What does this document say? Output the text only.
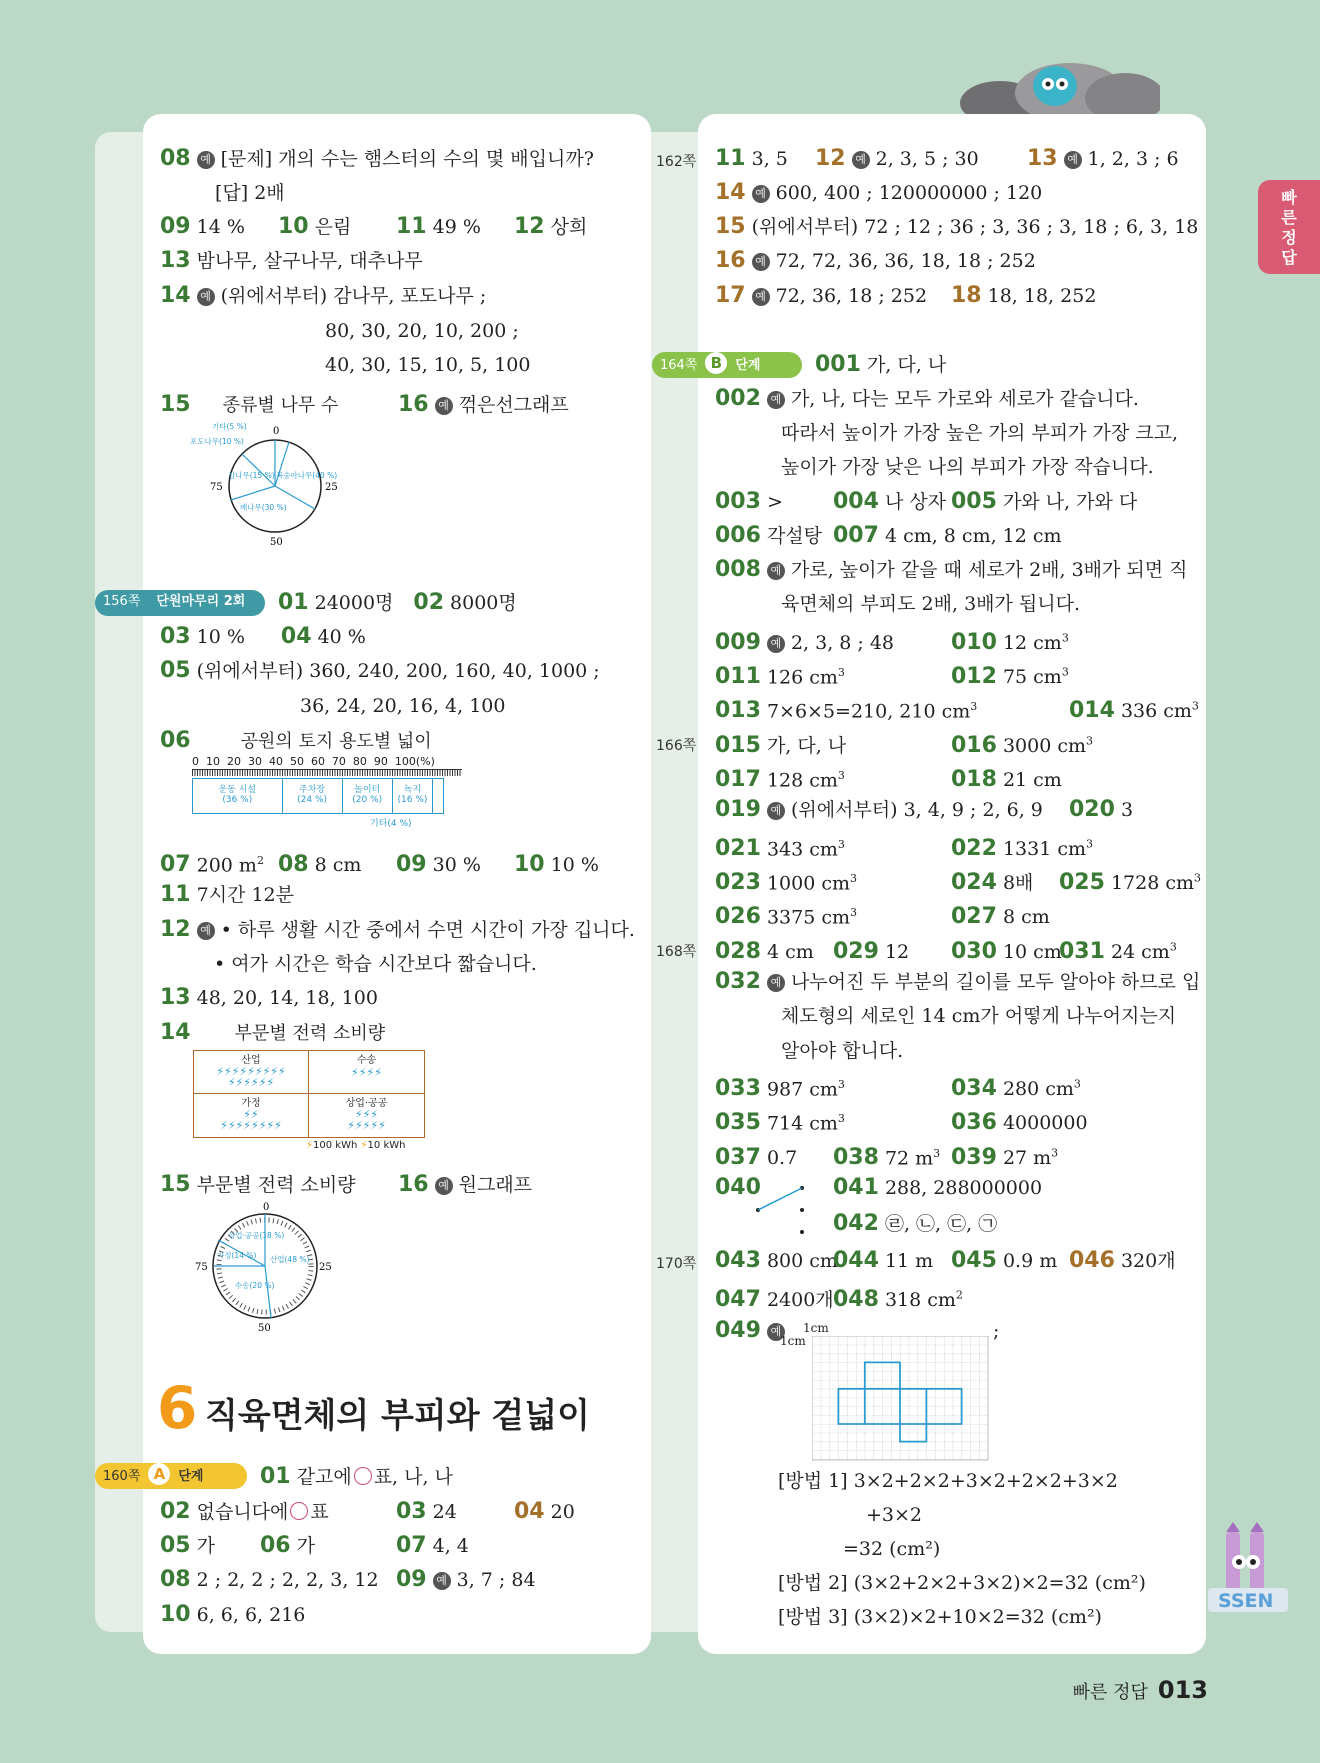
빠른정답
08 예 [문제] 개의 수는 햄스터의 수의 몇 배입니까?
[답] 2배
09 14 % 10 은림 11 49 % 12 상희
13 밤나무, 살구나무, 대추나무
14 예 (위에서부터) 감나무, 포도나무 ;
80, 30, 20, 10, 200 ;
40, 30, 15, 10, 5, 100
15 종류별 나무 수	16 예 꺾은선그래프
0
25
50
75
기타(5 %)
포도나무(10 %)
감나무(15 %) 복숭아나무(40 %)
배나무(30 %)
156쪽 단원마무리 2회	01 24000명 02 8000명
03 10 % 04 40 %
05 (위에서부터) 360, 240, 200, 160, 40, 1000 ;
36, 24, 20, 16, 4, 100
06	공원의 토지 용도별 넓이
0  10  20  30  40  50  60  70  80  90  100(%)
운동 시설
(36 %)
주차장
(24 %)
놀이터
(20 %)
녹지
(16 %)
기타(4 %)
07 200 $m^2$ 08 8 cm 09 30 % 10 10 %
11 7시간 12분
12 예 • 하루 생활 시간 중에서 수면 시간이 가장 깁니다.
• 여가 시간은 학습 시간보다 짧습니다.
13 48, 20, 14, 18, 100
14 부문별 전력 소비량
산업
⚡⚡⚡⚡⚡⚡⚡⚡⚡
⚡⚡⚡⚡⚡⚡
수송
⚡⚡⚡⚡
가정
⚡⚡
⚡⚡⚡⚡⚡⚡⚡⚡
상업·공공
⚡⚡⚡
⚡⚡⚡⚡⚡
⚡100 kWh ⚡10 kWh
15 부문별 전력 소비량 16 예 원그래프
0
25
50
75
상업·공공(18 %)
가정(14 %)
수송(20 %)
산업(48 %)
6 직육면체의 부피와 겉넓이
160쪽 A 단계	01 같고에 ○ 표, 나, 나
02 없습니다에 ○ 표	03 24	04 20
05 가 06 가	07 4, 4
08 2 ; 2, 2 ; 2, 2, 3, 12 09 예 3, 7 ; 84
10 6, 6, 6, 216
162쪽 11 3, 5 12 예 2, 3, 5 ; 30 13 예 1, 2, 3 ; 6
14 예 600, 400 ; 120000000 ; 120
15 (위에서부터) 72 ; 12 ; 36 ; 3, 36 ; 3, 18 ; 6, 3, 18
16 예 72, 72, 36, 36, 18, 18 ; 252
17 예 72, 36, 18 ; 252 18 18, 18, 252
164쪽 B 단계	001 가, 다, 나
002 예 가, 나, 다는 모두 가로와 세로가 같습니다.
따라서 높이가 가장 높은 가의 부피가 가장 크고,
높이가 가장 낮은 나의 부피가 가장 작습니다.
003 > 004 나 상자 005 가와 나, 가와 다
006 각설탕 007 4 cm, 8 cm, 12 cm
008 예 가로, 높이가 같을 때 세로가 2배, 3배가 되면 직
육면체의 부피도 2배, 3배가 됩니다.
009 예 2, 3, 8 ; 48	010 12 $cm^3$
011 126 $cm^3$	012 75 $cm^3$
013 7×6×5=210, 210 $cm^3$	014 336 $cm^3$
166쪽 015 가, 다, 나	016 3000 $cm^3$
017 128 $cm^3$	018 21 cm
019 예 (위에서부터) 3, 4, 9 ; 2, 6, 9 020 3
021 343 $cm^3$	022 1331 $cm^3$
023 1000 $cm^3$	024 8배 025 1728 $cm^3$
026 3375 $cm^3$	027 8 cm
168쪽 028 4 cm 029 12 030 10 cm031 24 $cm^3$
032 예 나누어진 두 부분의 길이를 모두 알아야 하므로 입
체도형의 세로인 14 cm가 어떻게 나누어지는지
알아야 합니다.
033 987 $cm^3$	034 280 $cm^3$
035 714 $cm^3$	036 4000000
037 0.7 038 72 $m^3$ 039 27 $m^3$
040	041 288, 288000000
042 ㉣, ㉡, ㉢, ㉠
170쪽 043 800 cm044 11 m 045 0.9 m 046 320개
047 2400개048 318 $cm^2$
049 예	1cm
1cm	;
[방법 1] 3×2+2×2+3×2+2×2+3×2
+3×2
=32 (cm²)
[방법 2] (3×2+2×2+3×2)×2=32 (cm²)
[방법 3] (3×2)×2+10×2=32 (cm²)
SSEN
빠른 정답 013
